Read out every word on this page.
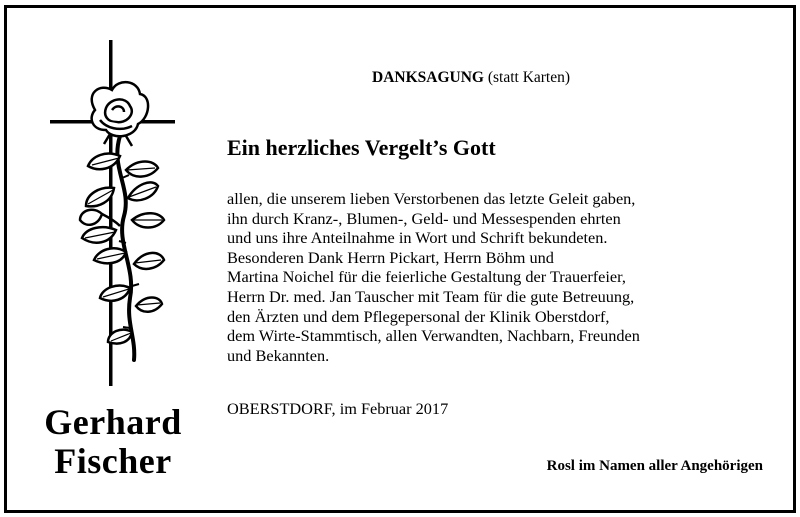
Gerhard
Fischer
DANKSAGUNG (statt Karten)
Ein herzliches Vergelt’s Gott
allen, die unserem lieben Verstorbenen das letzte Geleit gaben,
ihn durch Kranz-, Blumen-, Geld- und Messespenden ehrten
und uns ihre Anteilnahme in Wort und Schrift bekundeten.
Besonderen Dank Herrn Pickart, Herrn Böhm und
Martina Noichel für die feierliche Gestaltung der Trauerfeier,
Herrn Dr. med. Jan Tauscher mit Team für die gute Betreuung,
den Ärzten und dem Pflegepersonal der Klinik Oberstdorf,
dem Wirte-Stammtisch, allen Verwandten, Nachbarn, Freunden
und Bekannten.
OBERSTDORF, im Februar 2017
Rosl im Namen aller Angehörigen
